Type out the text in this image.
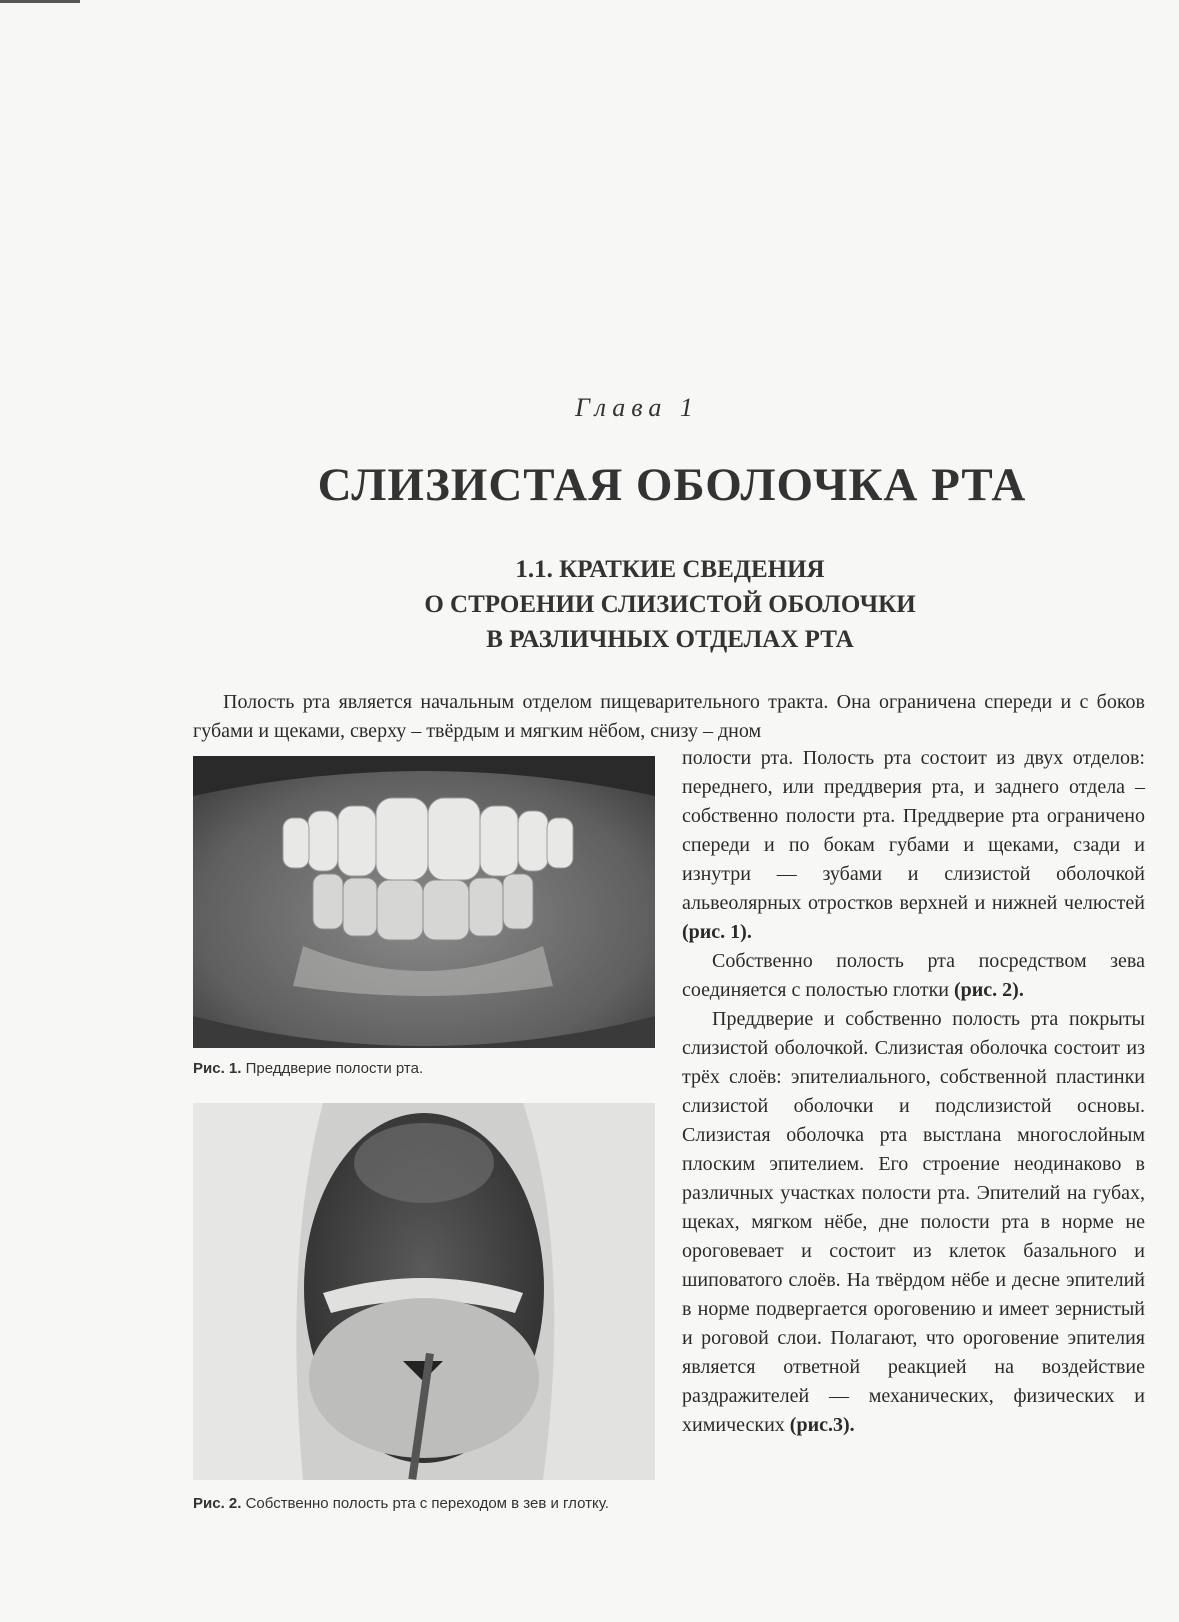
Глава 1
СЛИЗИСТАЯ ОБОЛОЧКА РТА
1.1. КРАТКИЕ СВЕДЕНИЯ
О СТРОЕНИИ СЛИЗИСТОЙ ОБОЛОЧКИ
В РАЗЛИЧНЫХ ОТДЕЛАХ РТА

Полость рта является начальным отделом пищеварительного тракта. Она ограничена спереди и с боков губами и щеками, сверху – твёрдым и мягким нёбом, снизу – дном

Рис. 1. Преддверие полости рта.
Рис. 2. Собственно полость рта с переходом в зев и глотку.

полости рта. Полость рта состоит из двух отделов: переднего, или преддверия рта, и заднего отдела – собственно полости рта. Преддверие рта ограничено спереди и по бокам губами и щеками, сзади и изнутри — зубами и слизистой оболочкой альвеолярных отростков верхней и нижней челюстей (рис. 1).

Собственно полость рта посредством зева соединяется с полостью глотки (рис. 2).

Преддверие и собственно полость рта покрыты слизистой оболочкой. Слизистая оболочка состоит из трёх слоёв: эпителиального, собственной пластинки слизистой оболочки и подслизистой основы. Слизистая оболочка рта выстлана многослойным плоским эпителием. Его строение неодинаково в различных участках полости рта. Эпителий на губах, щеках, мягком нёбе, дне полости рта в норме не ороговевает и состоит из клеток базального и шиповатого слоёв. На твёрдом нёбе и десне эпителий в норме подвергается ороговению и имеет зернистый и роговой слои. Полагают, что ороговение эпителия является ответной реакцией на воздействие раздражителей — механических, физических и химических (рис.3).
